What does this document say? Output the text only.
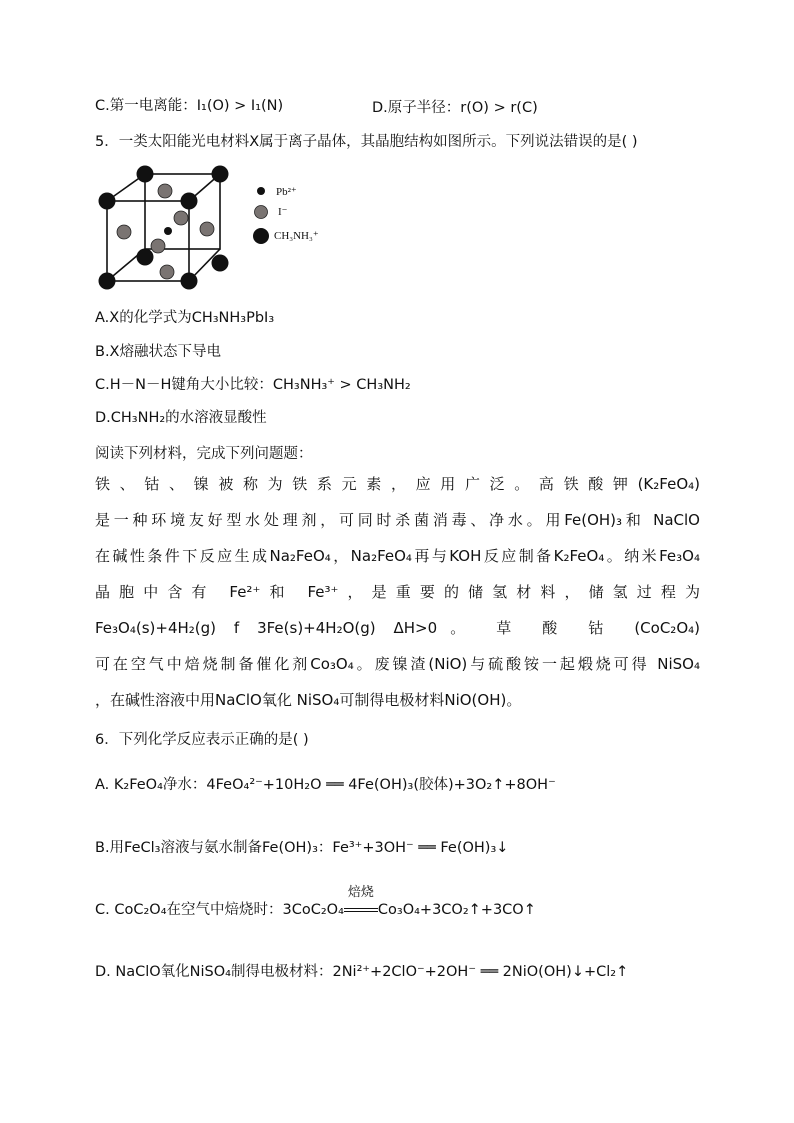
C.第一电离能：I₁(O) > I₁(N)	D.原子半径：r(O) > r(C)
5．一类太阳能光电材料X属于离子晶体，其晶胞结构如图所示。下列说法错误的是( )
Pb²⁺
I⁻
CH₃NH₃⁺
A.X的化学式为CH₃NH₃PbI₃
B.X熔融状态下导电
C.H－N－H键角大小比较：CH₃NH₃⁺ > CH₃NH₂
D.CH₃NH₂的水溶液显酸性
阅读下列材料，完成下列问题题：
铁、钴、镍被称为铁系元素，应用广泛。高铁酸钾(K₂FeO₄)
是一种环境友好型水处理剂，可同时杀菌消毒、净水。用Fe(OH)₃和 NaClO
在碱性条件下反应生成Na₂FeO₄，Na₂FeO₄再与KOH反应制备K₂FeO₄。纳米Fe₃O₄
晶胞中含有 Fe²⁺和 Fe³⁺，是重要的储氢材料，储氢过程为
Fe₃O₄(s)+4H₂(g) f 3Fe(s)+4H₂O(g) ΔH>0。 草 酸 钴 (CoC₂O₄)
可在空气中焙烧制备催化剂Co₃O₄。废镍渣(NiO)与硫酸铵一起煅烧可得 NiSO₄
，在碱性溶液中用NaClO氧化 NiSO₄可制得电极材料NiO(OH)。
6．下列化学反应表示正确的是( )
A. K₂FeO₄净水：4FeO₄²⁻+10H₂O ══ 4Fe(OH)₃(胶体)+3O₂↑+8OH⁻
B.用FeCl₃溶液与氨水制备Fe(OH)₃：Fe³⁺+3OH⁻ ══ Fe(OH)₃↓
C. CoC₂O₄在空气中焙烧时：3CoC₂O₄
焙烧
Co₃O₄+3CO₂↑+3CO↑
D. NaClO氧化NiSO₄制得电极材料：2Ni²⁺+2ClO⁻+2OH⁻ ══ 2NiO(OH)↓+Cl₂↑
